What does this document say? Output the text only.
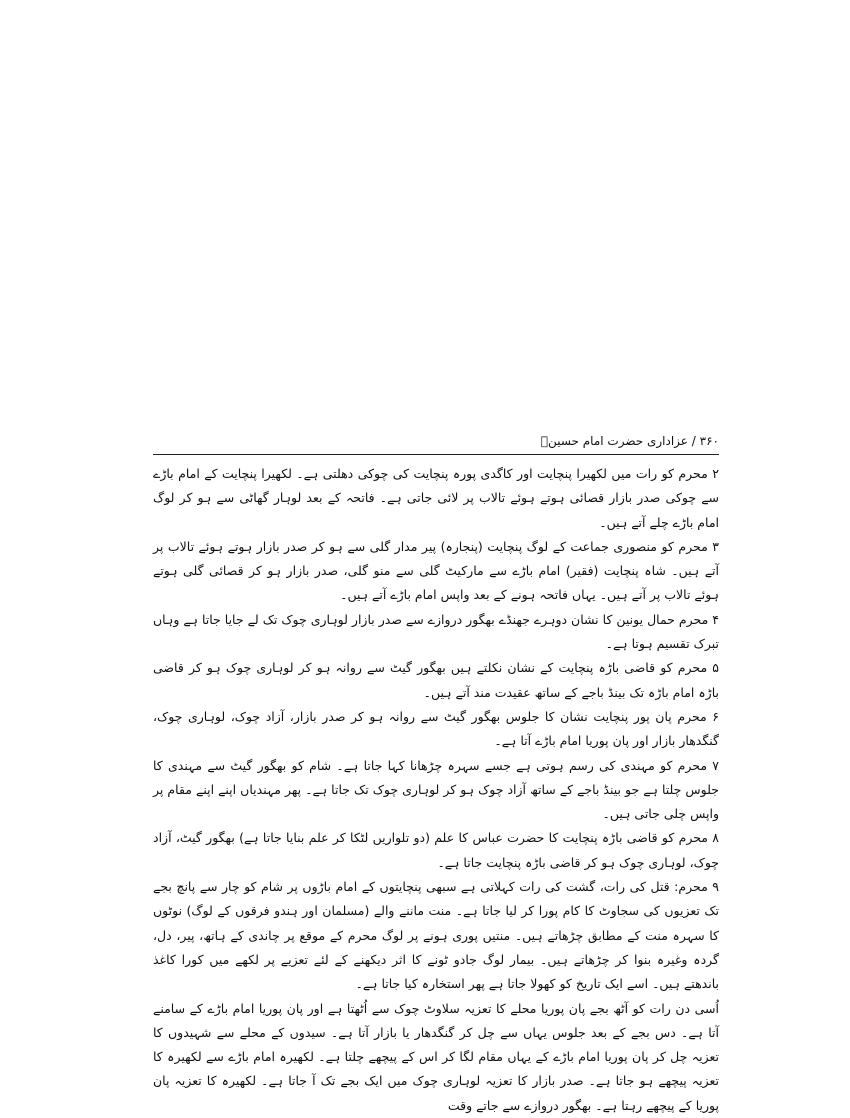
۳۶۰ / عزاداری حضرت امام حسینؑ

۲ محرم کو رات میں لکھیرا پنچایت اور کاگدی پورہ پنچایت کی چوکی دھلتی ہے۔ لکھیرا پنچایت کے امام باڑے سے چوکی صدر بازار قصائی ہوتے ہوئے تالاب پر لائی جاتی ہے۔ فاتحہ کے بعد لوہار گھاٹی سے ہو کر لوگ امام باڑے چلے آتے ہیں۔

۳ محرم کو منصوری جماعت کے لوگ پنچایت (پنجارہ) پیر مدار گلی سے ہو کر صدر بازار ہوتے ہوئے تالاب پر آتے ہیں۔ شاہ پنچایت (فقیر) امام باڑے سے مارکیٹ گلی سے منو گلی، صدر بازار ہو کر قصائی گلی ہوتے ہوئے تالاب پر آتے ہیں۔ یہاں فاتحہ ہونے کے بعد واپس امام باڑے آتے ہیں۔

۴ محرم حمال یونین کا نشان دوہرے جھنڈے بھگور دروازے سے صدر بازار لوہاری چوک تک لے جایا جاتا ہے وہاں تبرک تقسیم ہوتا ہے۔

۵ محرم کو قاضی باڑہ پنچایت کے نشان نکلتے ہیں بھگور گیٹ سے روانہ ہو کر لوہاری چوک ہو کر قاضی باڑہ امام باڑہ تک بینڈ باجے کے ساتھ عقیدت مند آتے ہیں۔

۶ محرم پان پور پنچایت نشان کا جلوس بھگور گیٹ سے روانہ ہو کر صدر بازار، آزاد چوک، لوہاری چوک، گنگدھار بازار اور پان پوریا امام باڑے آتا ہے۔

۷ محرم کو مہندی کی رسم ہوتی ہے جسے سہرہ چڑھانا کہا جاتا ہے۔ شام کو بھگور گیٹ سے مہندی کا جلوس چلتا ہے جو بینڈ باجے کے ساتھ آزاد چوک ہو کر لوہاری چوک تک جاتا ہے۔ پھر مہندیاں اپنے اپنے مقام پر واپس چلی جاتی ہیں۔

۸ محرم کو قاضی باڑہ پنچایت کا حضرت عباس کا علم (دو تلواریں لٹکا کر علم بنایا جاتا ہے) بھگور گیٹ، آزاد چوک، لوہاری چوک ہو کر قاضی باڑہ پنچایت جاتا ہے۔

۹ محرم: قتل کی رات، گشت کی رات کہلاتی ہے سبھی پنچایتوں کے امام باڑوں پر شام کو چار سے پانچ بجے تک تعزیوں کی سجاوٹ کا کام پورا کر لیا جاتا ہے۔ منت ماننے والے (مسلمان اور ہندو فرقوں کے لوگ) نوٹوں کا سہرہ منت کے مطابق چڑھاتے ہیں۔ منتیں پوری ہونے پر لوگ محرم کے موقع پر چاندی کے ہاتھ، پیر، دل، گردہ وغیرہ بنوا کر چڑھاتے ہیں۔ بیمار لوگ جادو ٹونے کا اثر دیکھنے کے لئے تعزیے پر لکھے میں کورا کاغذ باندھتے ہیں۔ اسے ایک تاریخ کو کھولا جاتا ہے پھر استخارہ کیا جاتا ہے۔

اُسی دن رات کو آٹھ بجے پان پوریا محلے کا تعزیہ سلاوٹ چوک سے اُٹھتا ہے اور پان پوریا امام باڑے کے سامنے آتا ہے۔ دس بجے کے بعد جلوس یہاں سے چل کر گنگدھار یا بازار آتا ہے۔ سیدوں کے محلے سے شہیدوں کا تعزیہ چل کر پان پوریا امام باڑے کے یہاں مقام لگا کر اس کے پیچھے چلتا ہے۔ لکھیرہ امام باڑے سے لکھیرہ کا تعزیہ پیچھے ہو جاتا ہے۔ صدر بازار کا تعزیہ لوہاری چوک میں ایک بجے تک آ جاتا ہے۔ لکھیرہ کا تعزیہ پان پوریا کے پیچھے رہتا ہے۔ بھگور دروازے سے جاتے وقت
